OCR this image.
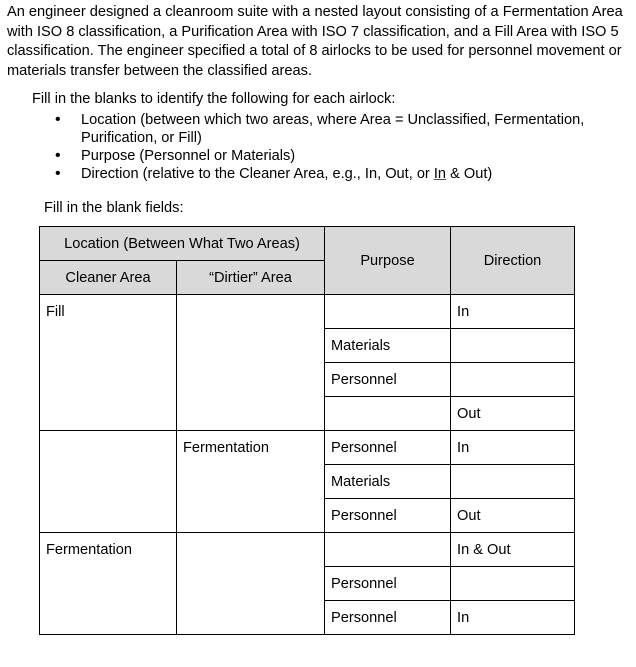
An engineer designed a cleanroom suite with a nested layout consisting of a Fermentation Area with ISO 8 classification, a Purification Area with ISO 7 classification, and a Fill Area with ISO 5 classification. The engineer specified a total of 8 airlocks to be used for personnel movement or materials transfer between the classified areas.

Fill in the blanks to identify the following for each airlock:

• Location (between which two areas, where Area = Unclassified, Fermentation, Purification, or Fill)
• Purpose (Personnel or Materials)
• Direction (relative to the Cleaner Area, e.g., In, Out, or In & Out)

Fill in the blank fields:

Location (Between What Two Areas)		Purpose	Direction
Cleaner Area	“Dirtier” Area		
Fill			In
		Materials	
		Personnel	
			Out
	Fermentation	Personnel	In
		Materials	
		Personnel	Out
Fermentation			In & Out
		Personnel	
		Personnel	In
